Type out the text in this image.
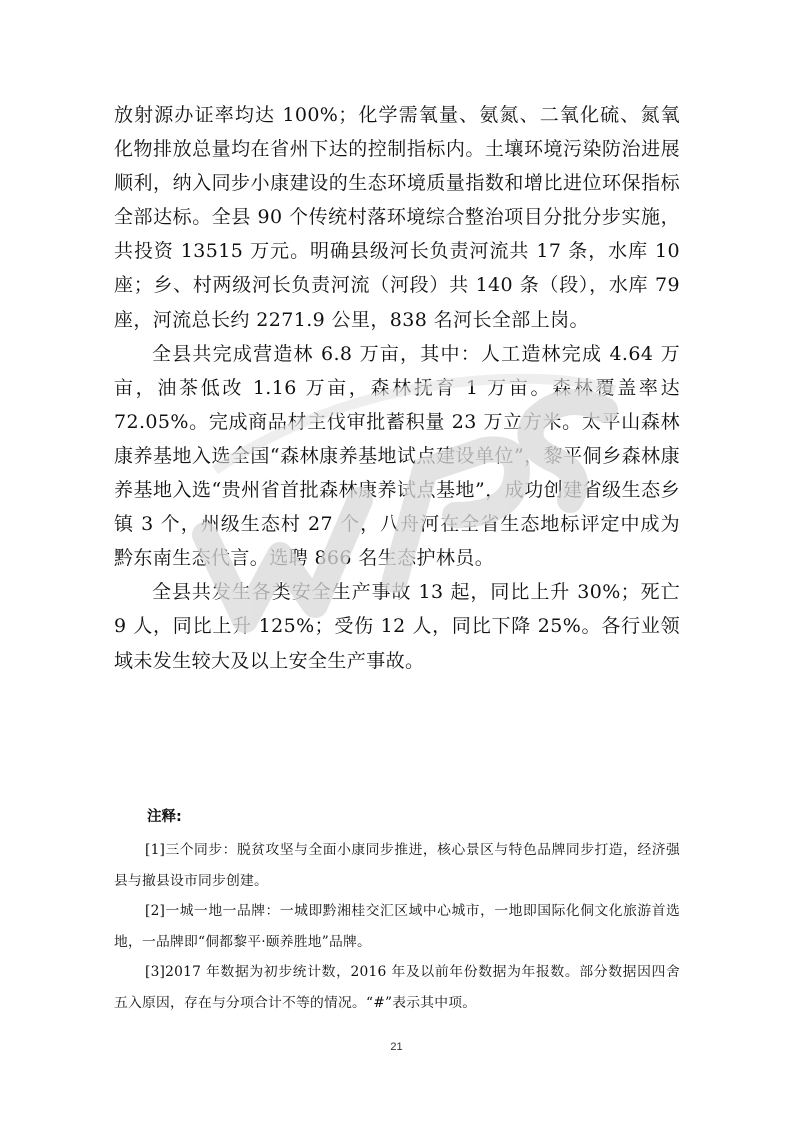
放射源办证率均达 100%；化学需氧量、氨氮、二氧化硫、氮氧化物排放总量均在省州下达的控制指标内。土壤环境污染防治进展顺利，纳入同步小康建设的生态环境质量指数和增比进位环保指标全部达标。全县 90 个传统村落环境综合整治项目分批分步实施，共投资 13515 万元。明确县级河长负责河流共 17 条，水库 10 座；乡、村两级河长负责河流（河段）共 140 条（段），水库 79 座，河流总长约 2271.9 公里，838 名河长全部上岗。

全县共完成营造林 6.8 万亩，其中：人工造林完成 4.64 万亩，油茶低改 1.16 万亩，森林抚育 1 万亩。森林覆盖率达 72.05%。完成商品材主伐审批蓄积量 23 万立方米。太平山森林康养基地入选全国“森林康养基地试点建设单位”，黎平侗乡森林康养基地入选“贵州省首批森林康养试点基地”，成功创建省级生态乡镇 3 个，州级生态村 27 个，八舟河在全省生态地标评定中成为黔东南生态代言。选聘 866 名生态护林员。

全县共发生各类安全生产事故 13 起，同比上升 30%；死亡 9 人，同比上升 125%；受伤 12 人，同比下降 25%。各行业领域未发生较大及以上安全生产事故。

注释:

[1]三个同步：脱贫攻坚与全面小康同步推进，核心景区与特色品牌同步打造，经济强县与撤县设市同步创建。

[2]一城一地一品牌：一城即黔湘桂交汇区域中心城市，一地即国际化侗文化旅游首选地，一品牌即“侗都黎平·颐养胜地”品牌。

[3]2017 年数据为初步统计数，2016 年及以前年份数据为年报数。部分数据因四舍五入原因，存在与分项合计不等的情况。“#”表示其中项。

21
